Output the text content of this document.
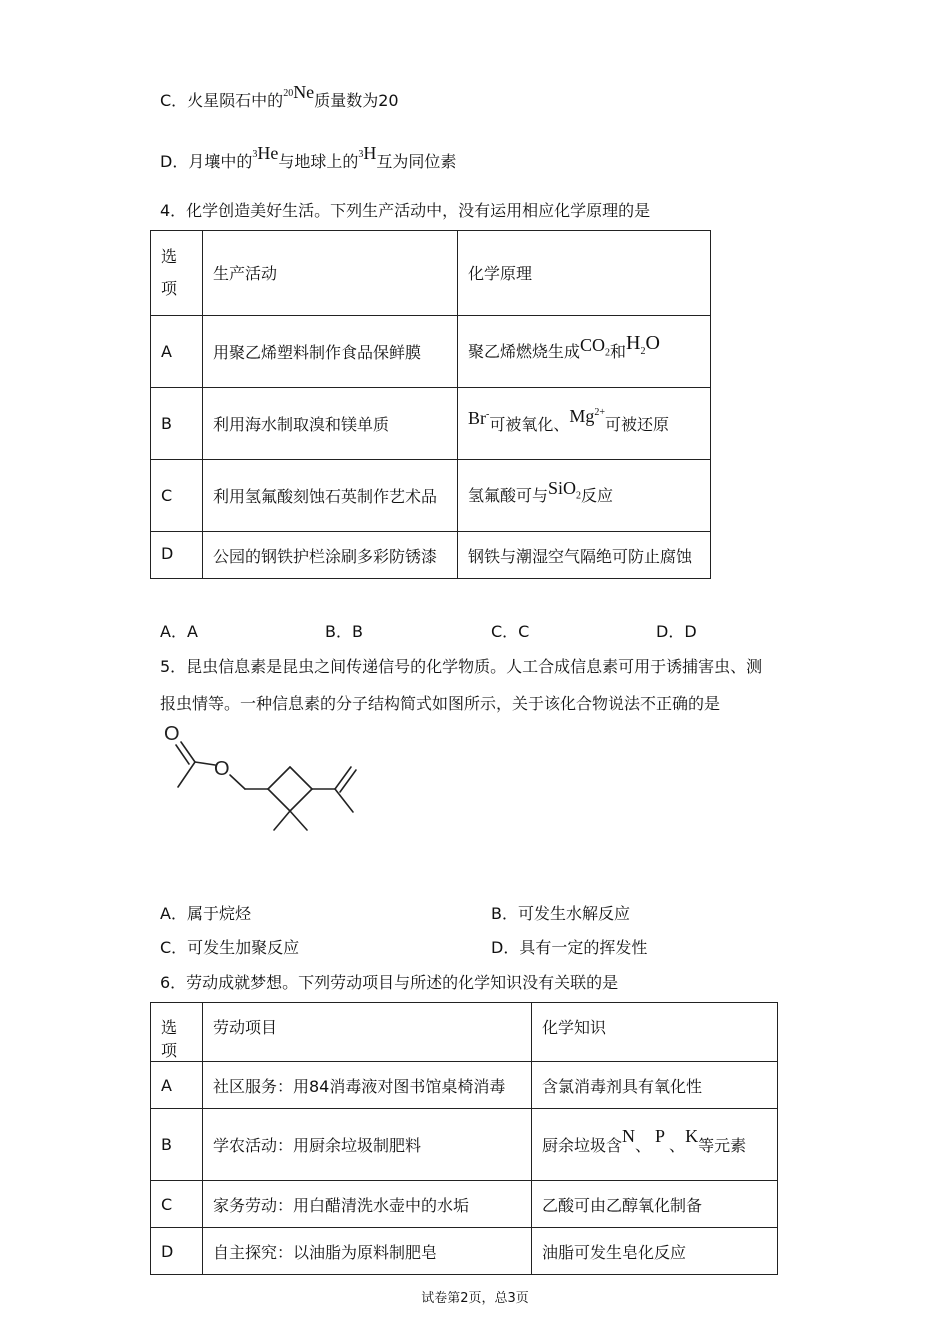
C．火星陨石中的$^{20}$Ne质量数为20
D．月壤中的$^3$He与地球上的$^3$H互为同位素
4．化学创造美好生活。下列生产活动中，没有运用相应化学原理的是
选
项	生产活动	化学原理
A	用聚乙烯塑料制作食品保鲜膜	聚乙烯燃烧生成$CO_2$和$H_2O$
B	利用海水制取溴和镁单质	Br-可被氧化、$Mg^{2+}$可被还原
C	利用氢氟酸刻蚀石英制作艺术品	氢氟酸可与SiO$_2$反应
D	公园的钢铁护栏涂刷多彩防锈漆	钢铁与潮湿空气隔绝可防止腐蚀
A．A	B．B	C．C	D．D
5．昆虫信息素是昆虫之间传递信号的化学物质。人工合成信息素可用于诱捕害虫、测
报虫情等。一种信息素的分子结构简式如图所示，关于该化合物说法不正确的是
O
O
A．属于烷烃	B．可发生水解反应
C．可发生加聚反应	D．具有一定的挥发性
6．劳动成就梦想。下列劳动项目与所述的化学知识没有关联的是
选项	劳动项目	化学知识
A	社区服务：用84消毒液对图书馆桌椅消毒	含氯消毒剂具有氧化性
B	学农活动：用厨余垃圾制肥料	厨余垃圾含N、 P 、K等元素
C	家务劳动：用白醋清洗水壶中的水垢	乙酸可由乙醇氧化制备
D	自主探究：以油脂为原料制肥皂	油脂可发生皂化反应
试卷第2页，总3页
